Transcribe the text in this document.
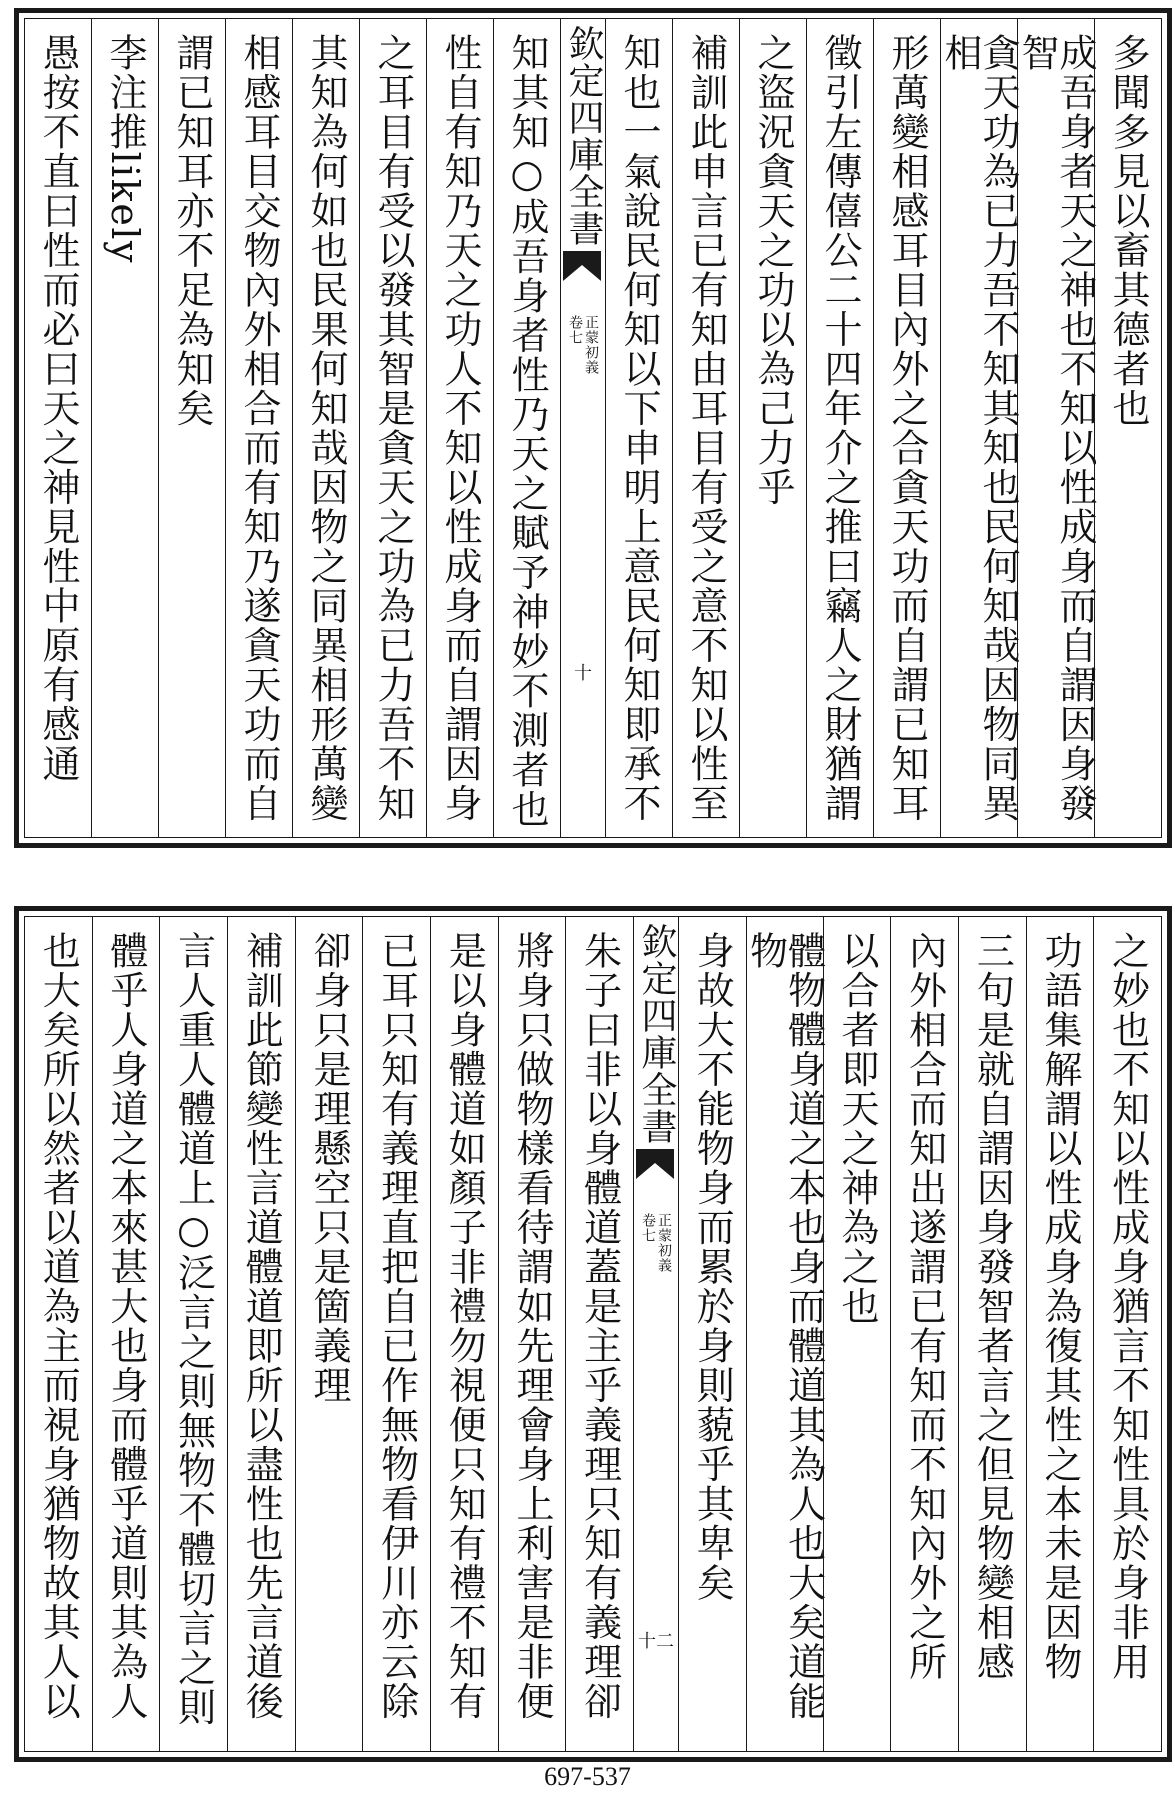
多聞多見以畜其德者也
成吾身者天之神也不知以性成身而自謂因身發智
貪天功為已力吾不知其知也民何知哉因物同異相
形萬變相感耳目內外之合貪天功而自謂已知耳
徵引左傳僖公二十四年介之推曰竊人之財猶謂
之盜況貪天之功以為己力乎
補訓此申言已有知由耳目有受之意不知以性至
知也一氣說民何知以下申明上意民何知即承不
欽定四庫全書
卷七 正蒙初義
十
知其知○成吾身者性乃天之賦予神妙不測者也
性自有知乃天之功人不知以性成身而自謂因身
之耳目有受以發其智是貪天之功為已力吾不知
其知為何如也民果何知哉因物之同異相形萬變
相感耳目交物內外相合而有知乃遂貪天功而自
謂已知耳亦不足為知矣
李注推likely
愚按不直曰性而必曰天之神見性中原有感通
之妙也不知以性成身猶言不知性具於身非用
功語集解謂以性成身為復其性之本未是因物
三句是就自謂因身發智者言之但見物變相感
內外相合而知出遂謂已有知而不知內外之所
以合者即天之神為之也
體物體身道之本也身而體道其為人也大矣道能物
身故大不能物身而累於身則藐乎其卑矣
欽定四庫全書
卷七 正蒙初義
十二
朱子曰非以身體道蓋是主乎義理只知有義理卻
將身只做物樣看待謂如先理會身上利害是非便
是以身體道如顏子非禮勿視便只知有禮不知有
已耳只知有義理直把自已作無物看伊川亦云除
卻身只是理懸空只是箇義理
補訓此節變性言道體道即所以盡性也先言道後
言人重人體道上○泛言之則無物不體切言之則
體乎人身道之本來甚大也身而體乎道則其為人
也大矣所以然者以道為主而視身猶物故其人以
697-537
